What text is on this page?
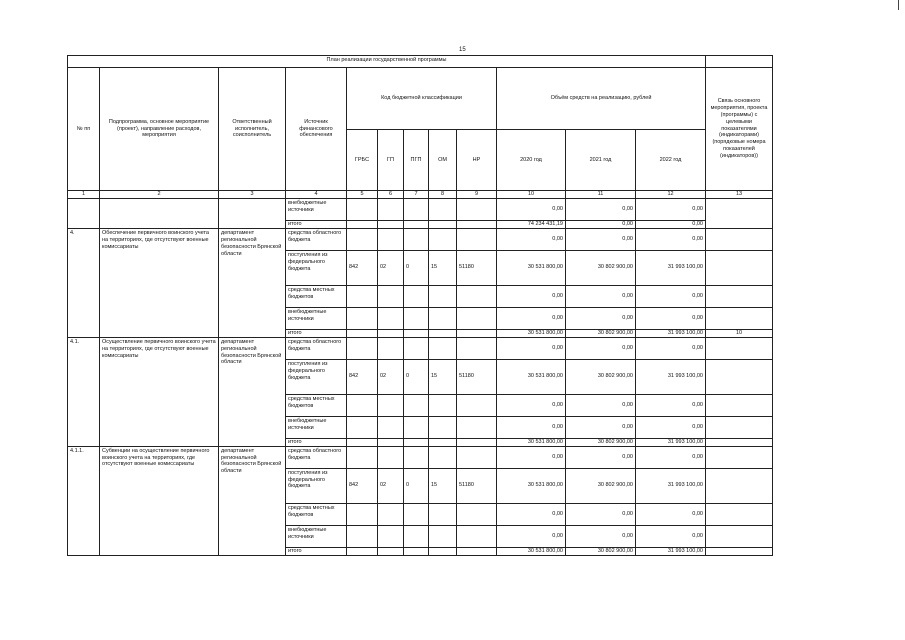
15
План реализации государственной программы												
№ пп	Подпрограмма, основное мероприятие (проект), направление расходов, мероприятия	Ответственный исполнитель, соисполнитель	Источник финансового обеспечения	Код бюджетной классификации					Объём средств на реализацию, рублей			Связь основного мероприятия, проекта (программы) с целевыми показателями (индикаторами) (порядковые номера показателей (индикаторов))
				ГРБС	ГП	ПГП	ОМ	НР	2020 год	2021 год	2022 год	
1	2	3	4	5	6	7	8	9	10	11	12	13
			внебюджетные источники						0,00	0,00	0,00	
			итого						74 234 431,19	0,00	0,00	
4.	Обеспечение первичного воинского учета на территориях, где отсутствуют военные комиссариаты	департамент региональной безопасности Брянской области	средства областного бюджета						0,00	0,00	0,00	
			поступления из федерального бюджета	842	02	0	15	51180	30 531 800,00	30 802 900,00	31 993 100,00	
			средства местных бюджетов						0,00	0,00	0,00	
			внебюджетные источники						0,00	0,00	0,00	
			итого						30 531 800,00	30 802 900,00	31 993 100,00	10
4.1.	Осуществление первичного воинского учета на территориях, где отсутствуют военные комиссариаты	департамент региональной безопасности Брянской области	средства областного бюджета						0,00	0,00	0,00	
			поступления из федерального бюджета	842	02	0	15	51180	30 531 800,00	30 802 900,00	31 993 100,00	
			средства местных бюджетов						0,00	0,00	0,00	
			внебюджетные источники						0,00	0,00	0,00	
			итого						30 531 800,00	30 802 900,00	31 993 100,00	
4.1.1.	Субвенции на осуществление первичного воинского учета на территориях, где отсутствуют военные комиссариаты	департамент региональной безопасности Брянской области	средства областного бюджета						0,00	0,00	0,00	
			поступления из федерального бюджета	842	02	0	15	51180	30 531 800,00	30 802 900,00	31 993 100,00	
			средства местных бюджетов						0,00	0,00	0,00	
			внебюджетные источники						0,00	0,00	0,00	
			итого						30 531 800,00	30 802 900,00	31 993 100,00	
